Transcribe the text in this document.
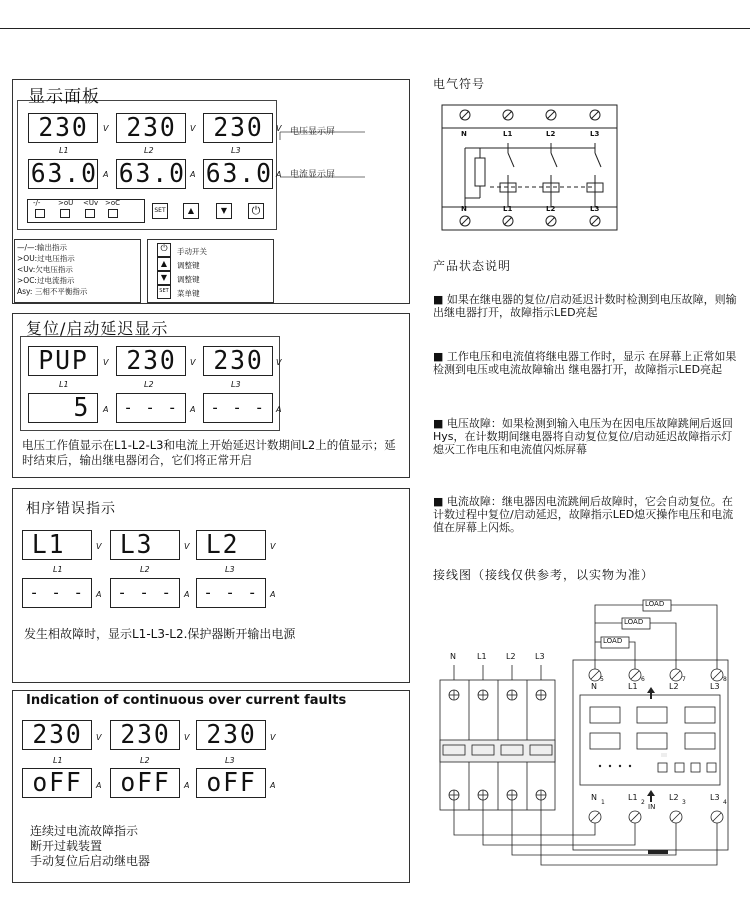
显示面板
230	V 230	V 230	V
L1	L2	L3
63.0 A 63.0 A 63.0 A
电压显示屏
电流显示屏
-/-	>oU <Uv >oC
SET	▲	▼	⏻
—/—:输出指示
>OU:过电压指示
<Uv:欠电压指示
>OC:过电流指示
Asy: 三相不平衡指示
⏻
▲
▼
SET
手动开关
调整键
调整键
菜单键
复位/启动延迟显示
PUP	V 230	V 230	V
L1	L2	L3
5	A - - -	A - - -	A
电压工作值显示在L1-L2-L3和电流上开始延迟计数期间L2上的值显示；延时结束后，输出继电器闭合，它们将正常开启
相序错误指示
L1	V L3	V L2	V
L1	L2	L3
- - -	A - - -	A - - -	A
发生相故障时，显示L1-L3-L2.保护器断开输出电源
Indication of continuous over current faults
230	V 230	V 230	V
L1	L2	L3
oFF	A oFF	A oFF	A
连续过电流故障指示
断开过载装置
手动复位后启动继电器
电气符号
N	L1	L2	L3
N	L1	L2	L3
产品状态说明
■ 如果在继电器的复位/启动延迟计数时检测到电压故障，则输出继电器打开，故障指示LED亮起
■ 工作电压和电流值将继电器工作时，显示 在屏幕上正常如果检测到电压或电流故障输出 继电器打开，故障指示LED亮起
■ 电压故障：如果检测到输入电压为在因电压故障跳闸后返回Hys，在计数期间继电器将自动复位复位/启动延迟故障指示灯熄灭工作电压和电流值闪烁屏幕
■ 电流故障：继电器因电流跳闸后故障时，它会自动复位。在计数过程中复位/启动延迟，故障指示LED熄灭操作电压和电流值在屏幕上闪烁。
接线图（接线仅供参考，以实物为准）
LOAD
LOAD
LOAD
N	L1 L2 L3
N
5
L1
6
L2
7
L3
8
N
1
L1
2
IN
L2
3
L3
4
